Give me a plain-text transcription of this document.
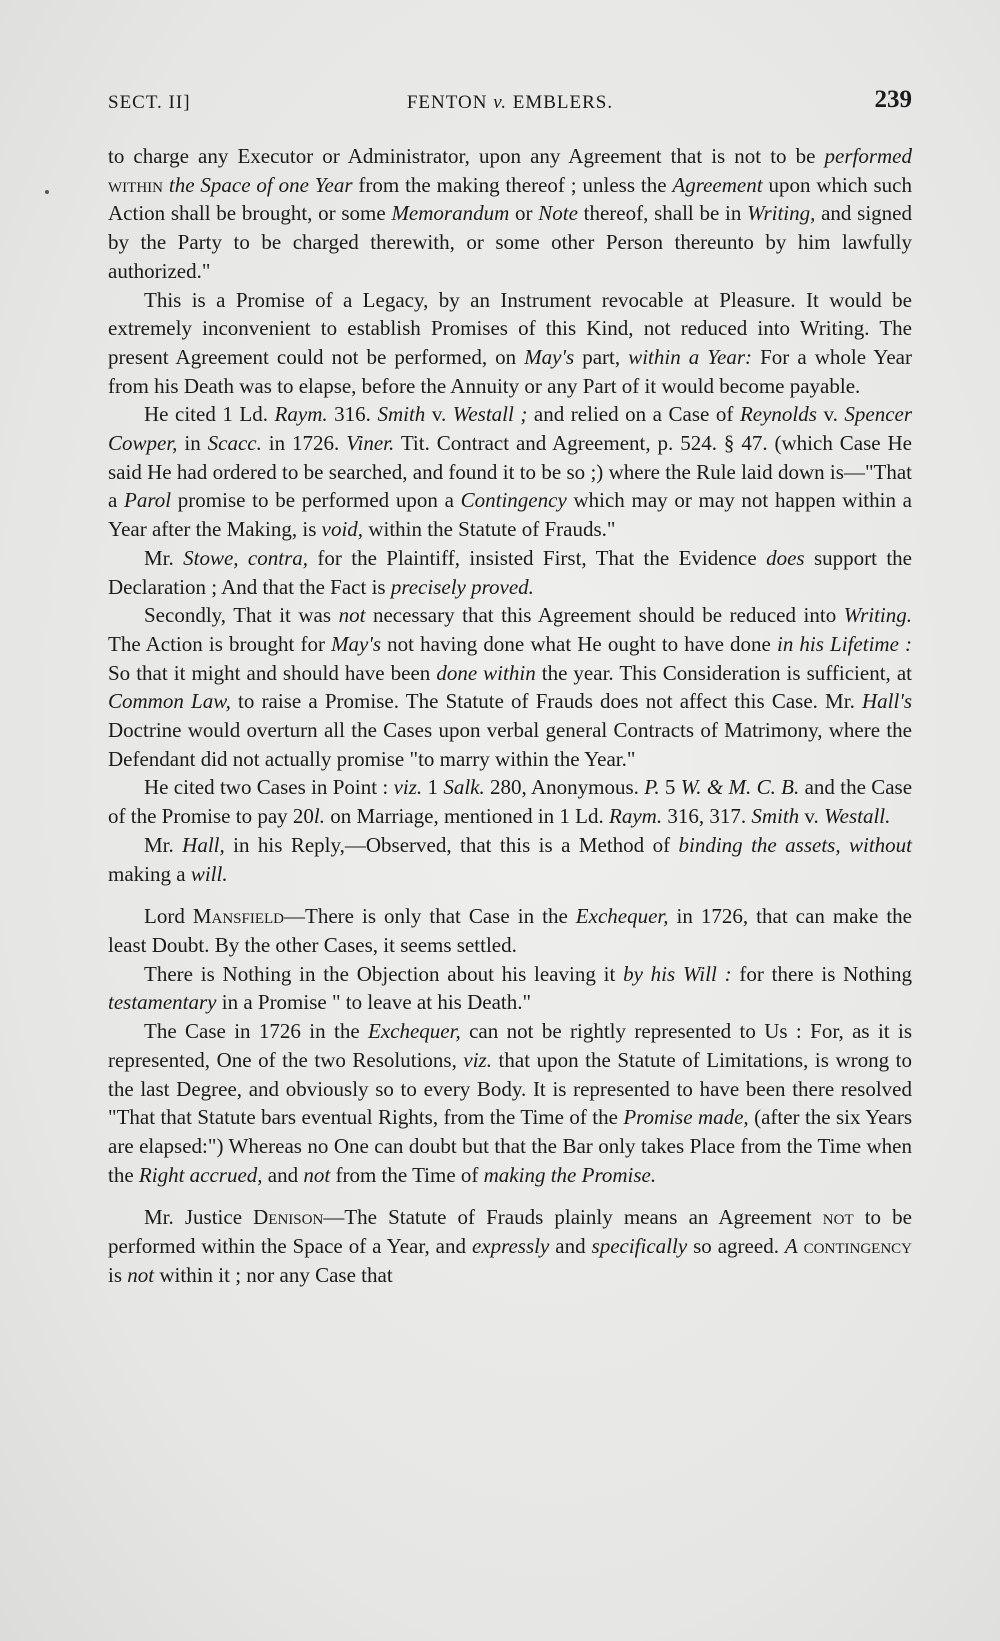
SECT. II]	FENTON v. EMBLERS.	239

to charge any Executor or Administrator, upon any Agreement that is not to be performed within the Space of one Year from the making thereof ; unless the Agreement upon which such Action shall be brought, or some Memorandum or Note thereof, shall be in Writing, and signed by the Party to be charged therewith, or some other Person thereunto by him lawfully authorized."

This is a Promise of a Legacy, by an Instrument revocable at Pleasure. It would be extremely inconvenient to establish Promises of this Kind, not reduced into Writing. The present Agreement could not be performed, on May's part, within a Year: For a whole Year from his Death was to elapse, before the Annuity or any Part of it would become payable.

He cited 1 Ld. Raym. 316. Smith v. Westall ; and relied on a Case of Reynolds v. Spencer Cowper, in Scacc. in 1726. Viner. Tit. Contract and Agreement, p. 524. § 47. (which Case He said He had ordered to be searched, and found it to be so ;) where the Rule laid down is—"That a Parol promise to be performed upon a Contingency which may or may not happen within a Year after the Making, is void, within the Statute of Frauds."

Mr. Stowe, contra, for the Plaintiff, insisted First, That the Evidence does support the Declaration ; And that the Fact is precisely proved.

Secondly, That it was not necessary that this Agreement should be reduced into Writing. The Action is brought for May's not having done what He ought to have done in his Lifetime : So that it might and should have been done within the year. This Consideration is sufficient, at Common Law, to raise a Promise. The Statute of Frauds does not affect this Case. Mr. Hall's Doctrine would overturn all the Cases upon verbal general Contracts of Matrimony, where the Defendant did not actually promise "to marry within the Year."

He cited two Cases in Point : viz. 1 Salk. 280, Anonymous. P. 5 W. & M. C. B. and the Case of the Promise to pay 20l. on Marriage, mentioned in 1 Ld. Raym. 316, 317. Smith v. Westall.

Mr. Hall, in his Reply,—Observed, that this is a Method of binding the assets, without making a will.

Lord Mansfield—There is only that Case in the Exchequer, in 1726, that can make the least Doubt. By the other Cases, it seems settled.

There is Nothing in the Objection about his leaving it by his Will : for there is Nothing testamentary in a Promise " to leave at his Death."

The Case in 1726 in the Exchequer, can not be rightly represented to Us : For, as it is represented, One of the two Resolutions, viz. that upon the Statute of Limitations, is wrong to the last Degree, and obviously so to every Body. It is represented to have been there resolved "That that Statute bars eventual Rights, from the Time of the Promise made, (after the six Years are elapsed:") Whereas no One can doubt but that the Bar only takes Place from the Time when the Right accrued, and not from the Time of making the Promise.

Mr. Justice Denison—The Statute of Frauds plainly means an Agreement not to be performed within the Space of a Year, and expressly and specifically so agreed. A contingency is not within it ; nor any Case that
